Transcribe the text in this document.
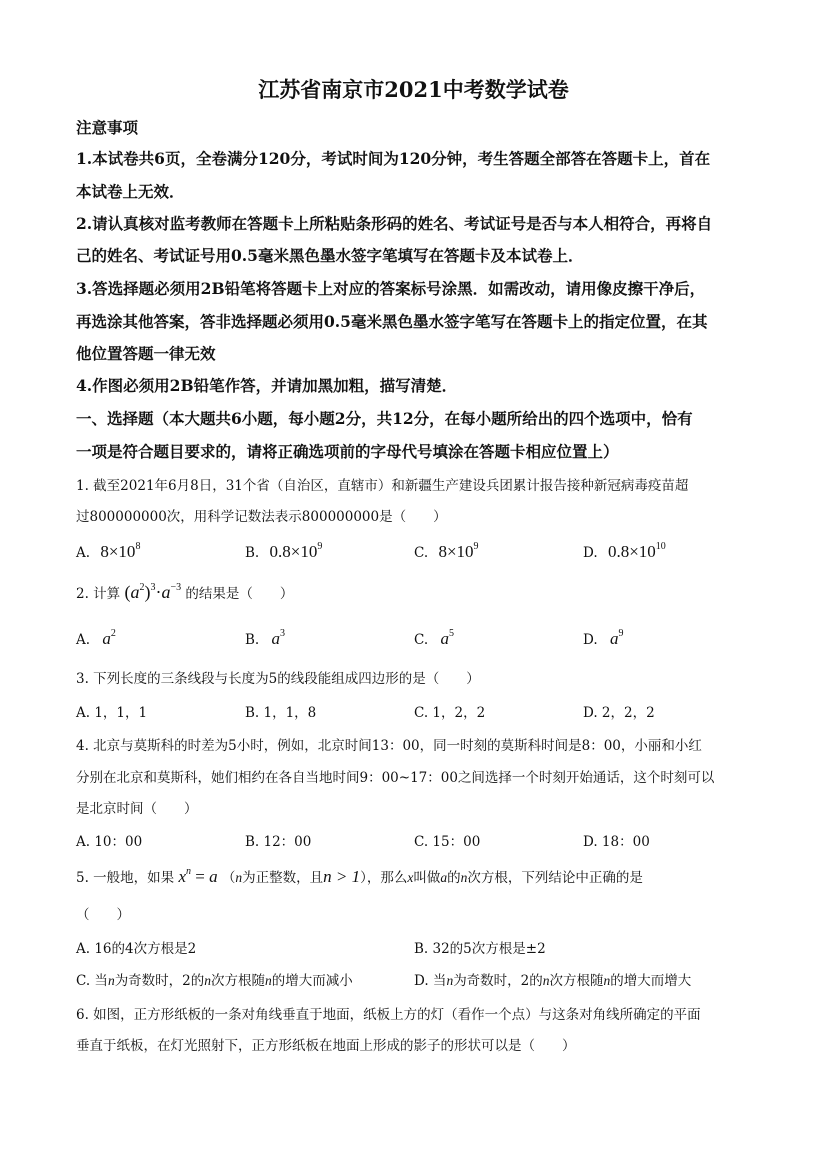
江苏省南京市2021中考数学试卷
注意事项
1.本试卷共6页，全卷满分120分，考试时间为120分钟，考生答题全部答在答题卡上，首在
本试卷上无效．
2.请认真核对监考教师在答题卡上所粘贴条形码的姓名、考试证号是否与本人相符合，再将自
己的姓名、考试证号用0.5毫米黑色墨水签字笔填写在答题卡及本试卷上．
3.答选择题必须用2B铅笔将答题卡上对应的答案标号涂黑．如需改动，请用像皮擦干净后，
再选涂其他答案，答非选择题必须用0.5毫米黑色墨水签字笔写在答题卡上的指定位置，在其
他位置答题一律无效
4.作图必须用2B铅笔作答，并请加黑加粗，描写清楚．
一、选择题（本大题共6小题，每小题2分，共12分，在每小题所给出的四个选项中，恰有
一项是符合题目要求的，请将正确选项前的字母代号填涂在答题卡相应位置上）
1. 截至2021年6月8日，31个省（自治区，直辖市）和新疆生产建设兵团累计报告接种新冠病毒疫苗超
过800000000次，用科学记数法表示800000000是（　　）
A. $8\times 10^8$	B. $0.8\times 10^9$	C. $8\times 10^9$	D. $0.8\times 10^{10}$
2. 计算 $(a^2)^3\cdot a^{-3}$ 的结果是（　　）
A. $a^2$	B. $a^3$	C. $a^5$	D. $a^9$
3. 下列长度的三条线段与长度为5的线段能组成四边形的是（　　）
A. 1，1，1	B. 1，1，8	C. 1，2，2	D. 2，2，2
4. 北京与莫斯科的时差为5小时，例如，北京时间13：00，同一时刻的莫斯科时间是8：00，小丽和小红
分别在北京和莫斯科，她们相约在各自当地时间9：00~17：00之间选择一个时刻开始通话，这个时刻可以
是北京时间（　　）
A. 10：00	B. 12：00	C. 15：00	D. 18：00
5. 一般地，如果 $x^n = a$ （n为正整数，且n > 1），那么x叫做a的n次方根，下列结论中正确的是
（　　）
A. 16的4次方根是2	B. 32的5次方根是±2
C. 当n为奇数时，2的n次方根随n的增大而减小	D. 当n为奇数时，2的n次方根随n的增大而增大
6. 如图，正方形纸板的一条对角线垂直于地面，纸板上方的灯（看作一个点）与这条对角线所确定的平面
垂直于纸板，在灯光照射下，正方形纸板在地面上形成的影子的形状可以是（　　）
